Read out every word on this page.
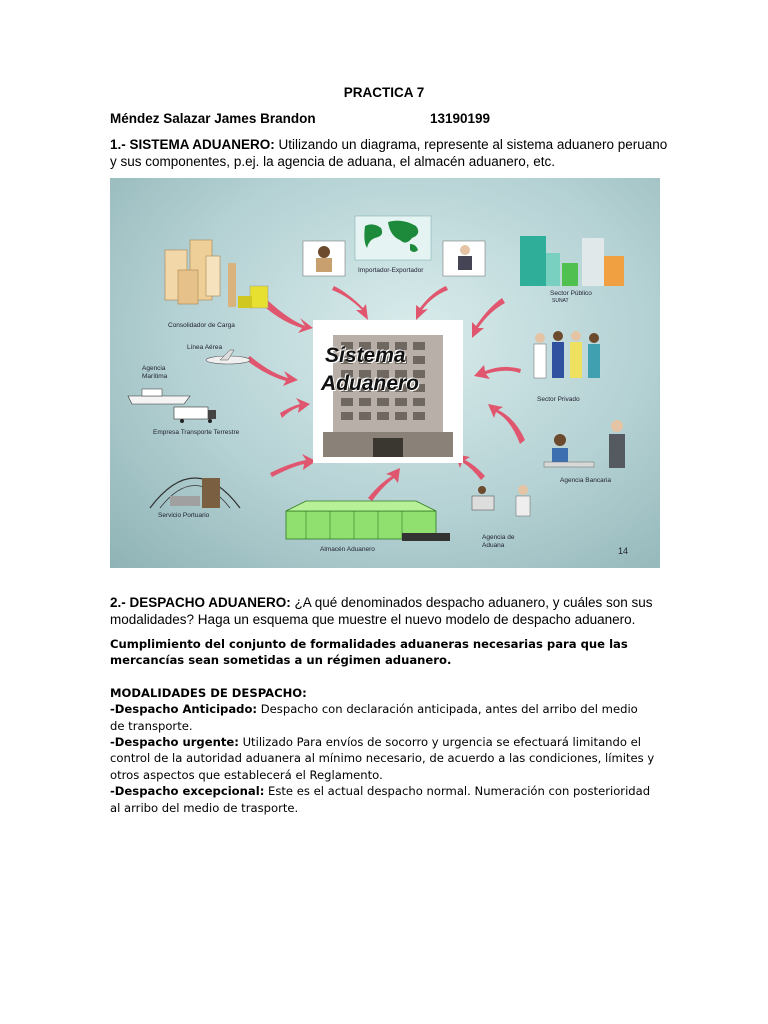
PRACTICA 7
Méndez Salazar James Brandon	13190199
1.- SISTEMA ADUANERO: Utilizando un diagrama, represente al sistema aduanero peruano y sus componentes, p.ej. la agencia de aduana, el almacén aduanero, etc.
Sistema
Aduanero
Importador-Exportador
Consolidador de Carga
Línea Aérea
Agencia
Marítima
Empresa Transporte Terrestre
Servicio Portuario
Almacén Aduanero
Agencia de
Aduana
Sector Público
SUNAT
Sector Privado
Agencia Bancaria
14
2.- DESPACHO ADUANERO: ¿A qué denominados despacho aduanero, y cuáles son sus modalidades? Haga un esquema que muestre el nuevo modelo de despacho aduanero.

Cumplimiento del conjunto de formalidades aduaneras necesarias para que las mercancías sean sometidas a un régimen aduanero.

MODALIDADES DE DESPACHO:

-Despacho Anticipado: Despacho con declaración anticipada, antes del arribo del medio de transporte.

-Despacho urgente: Utilizado Para envíos de socorro y urgencia se efectuará limitando el control de la autoridad aduanera al mínimo necesario, de acuerdo a las condiciones, límites y otros aspectos que establecerá el Reglamento.

-Despacho excepcional: Este es el actual despacho normal. Numeración con posterioridad al arribo del medio de trasporte.
